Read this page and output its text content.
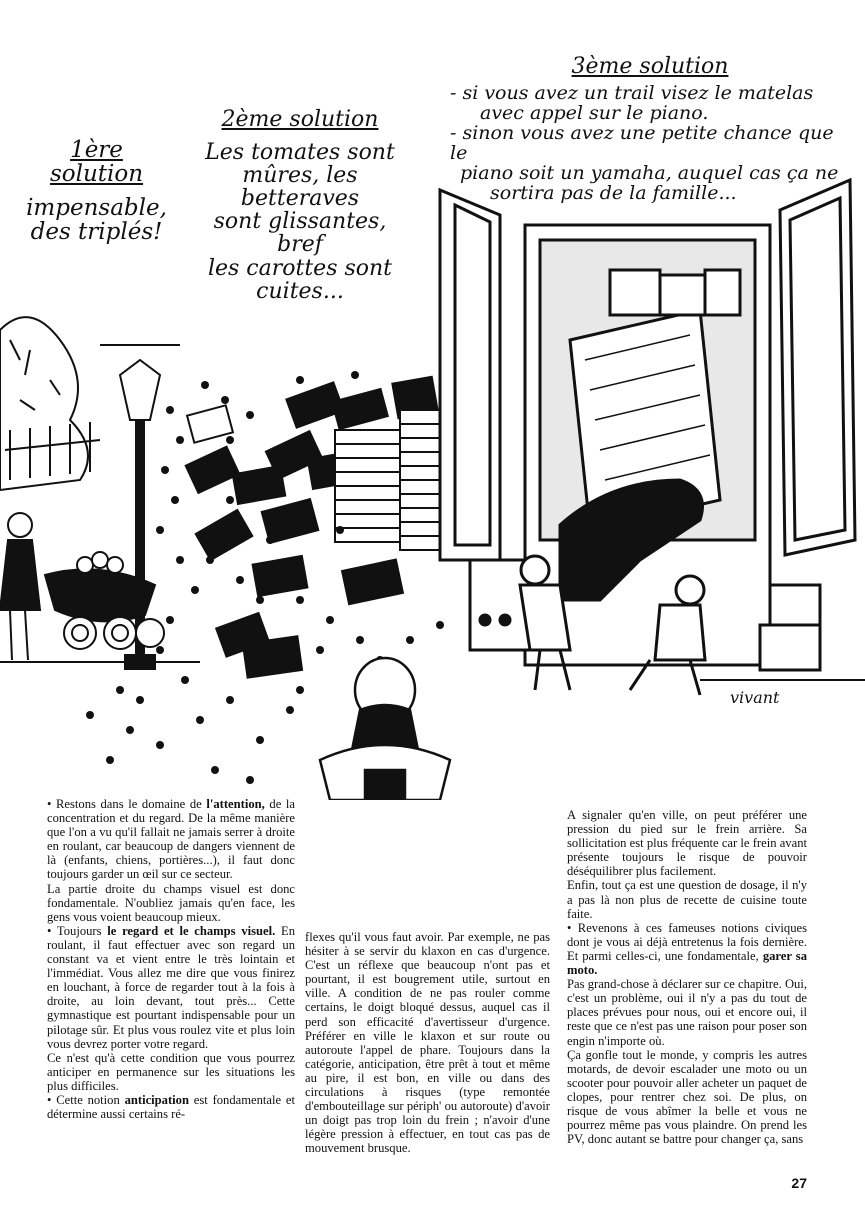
1ère solution
impensable,
des triplés!
2ème solution
Les tomates sont
mûres, les betteraves
sont glissantes, bref
les carottes sont
cuites...
3ème solution
- si vous avez un trail visez le matelas
avec appel sur le piano.
- sinon vous avez une petite chance que le
piano soit un yamaha, auquel cas ça ne
sortira pas de la famille...
vivant

• Restons dans le domaine de l'attention, de la concentration et du regard. De la même manière que l'on a vu qu'il fallait ne jamais serrer à droite en roulant, car beaucoup de dangers viennent de là (enfants, chiens, portières...), il faut donc toujours garder un œil sur ce secteur.

La partie droite du champs visuel est donc fondamentale. N'oubliez jamais qu'en face, les gens vous voient beaucoup mieux.

• Toujours le regard et le champs visuel. En roulant, il faut effectuer avec son regard un constant va et vient entre le très lointain et l'immédiat. Vous allez me dire que vous finirez en louchant, à force de regarder tout à la fois à droite, au loin devant, tout près... Cette gymnastique est pourtant indispensable pour un pilotage sûr. Et plus vous roulez vite et plus loin vous devrez porter votre regard.

Ce n'est qu'à cette condition que vous pourrez anticiper en permanence sur les situations les plus difficiles.

• Cette notion anticipation est fondamentale et détermine aussi certains ré-

flexes qu'il vous faut avoir. Par exemple, ne pas hésiter à se servir du klaxon en cas d'urgence. C'est un réflexe que beaucoup n'ont pas et pourtant, il est bougrement utile, surtout en ville. A condition de ne pas rouler comme certains, le doigt bloqué dessus, auquel cas il perd son efficacité d'avertisseur d'urgence. Préférer en ville le klaxon et sur route ou autoroute l'appel de phare. Toujours dans la catégorie, anticipation, être prêt à tout et même au pire, il est bon, en ville ou dans des circulations à risques (type remontée d'embouteillage sur périph' ou autoroute) d'avoir un doigt pas trop loin du frein ; n'avoir d'une légère pression à effectuer, en tout cas pas de mouvement brusque.

A signaler qu'en ville, on peut préférer une pression du pied sur le frein arrière. Sa sollicitation est plus fréquente car le frein avant présente toujours le risque de pouvoir déséquilibrer plus facilement.

Enfin, tout ça est une question de dosage, il n'y a pas là non plus de recette de cuisine toute faite.

• Revenons à ces fameuses notions civiques dont je vous ai déjà entretenus la fois dernière. Et parmi celles-ci, une fondamentale, garer sa moto.

Pas grand-chose à déclarer sur ce chapitre. Oui, c'est un problème, oui il n'y a pas du tout de places prévues pour nous, oui et encore oui, il reste que ce n'est pas une raison pour poser son engin n'importe où.

Ça gonfle tout le monde, y compris les autres motards, de devoir escalader une moto ou un scooter pour pouvoir aller acheter un paquet de clopes, pour rentrer chez soi. De plus, on risque de vous abîmer la belle et vous ne pourrez même pas vous plaindre. On prend les PV, donc autant se battre pour changer ça, sans

27
